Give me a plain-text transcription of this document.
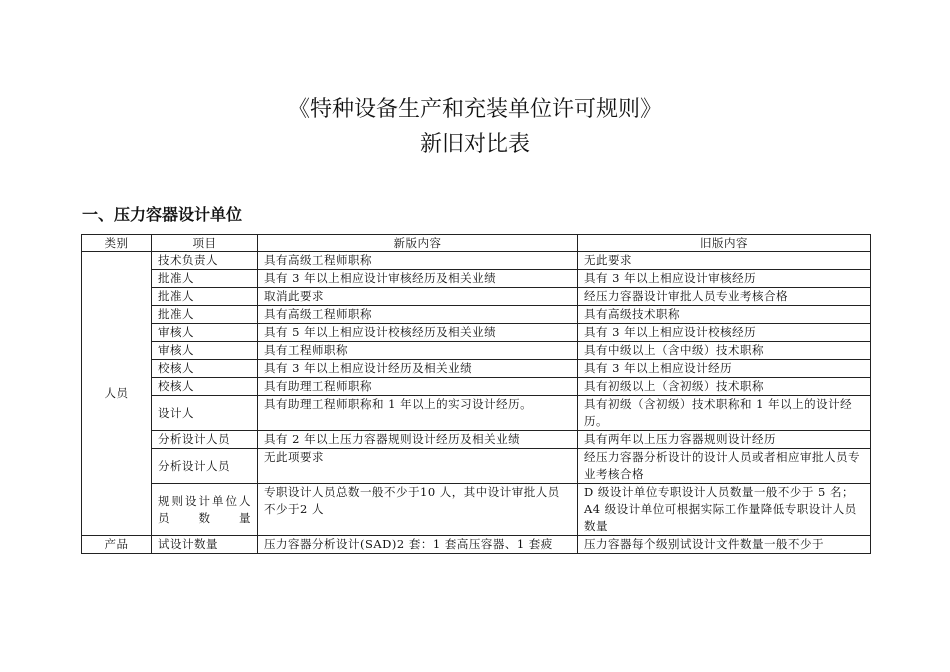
《特种设备生产和充装单位许可规则》
新旧对比表
一、压力容器设计单位
类别	项目	新版内容	旧版内容
人员	技术负责人	具有高级工程师职称	无此要求
	批准人	具有 3 年以上相应设计审核经历及相关业绩	具有 3 年以上相应设计审核经历
	批准人	取消此要求	经压力容器设计审批人员专业考核合格
	批准人	具有高级工程师职称	具有高级技术职称
	审核人	具有 5 年以上相应设计校核经历及相关业绩	具有 3 年以上相应设计校核经历
	审核人	具有工程师职称	具有中级以上（含中级）技术职称
	校核人	具有 3 年以上相应设计经历及相关业绩	具有 3 年以上相应设计经历
	校核人	具有助理工程师职称	具有初级以上（含初级）技术职称
	设计人	具有助理工程师职称和 1 年以上的实习设计经历。	具有初级（含初级）技术职称和 1 年以上的设计经历。
	分析设计人员	具有 2 年以上压力容器规则设计经历及相关业绩	具有两年以上压力容器规则设计经历
	分析设计人员	无此项要求	经压力容器分析设计的设计人员或者相应审批人员专业考核合格
	规则设计单位人员数量	专职设计人员总数一般不少于10 人，其中设计审批人员不少于2 人	D 级设计单位专职设计人员数量一般不少于 5 名；A4 级设计单位可根据实际工作量降低专职设计人员数量
产品	试设计数量	压力容器分析设计(SAD)2 套：1 套高压容器、1 套疲	压力容器每个级别试设计文件数量一般不少于
